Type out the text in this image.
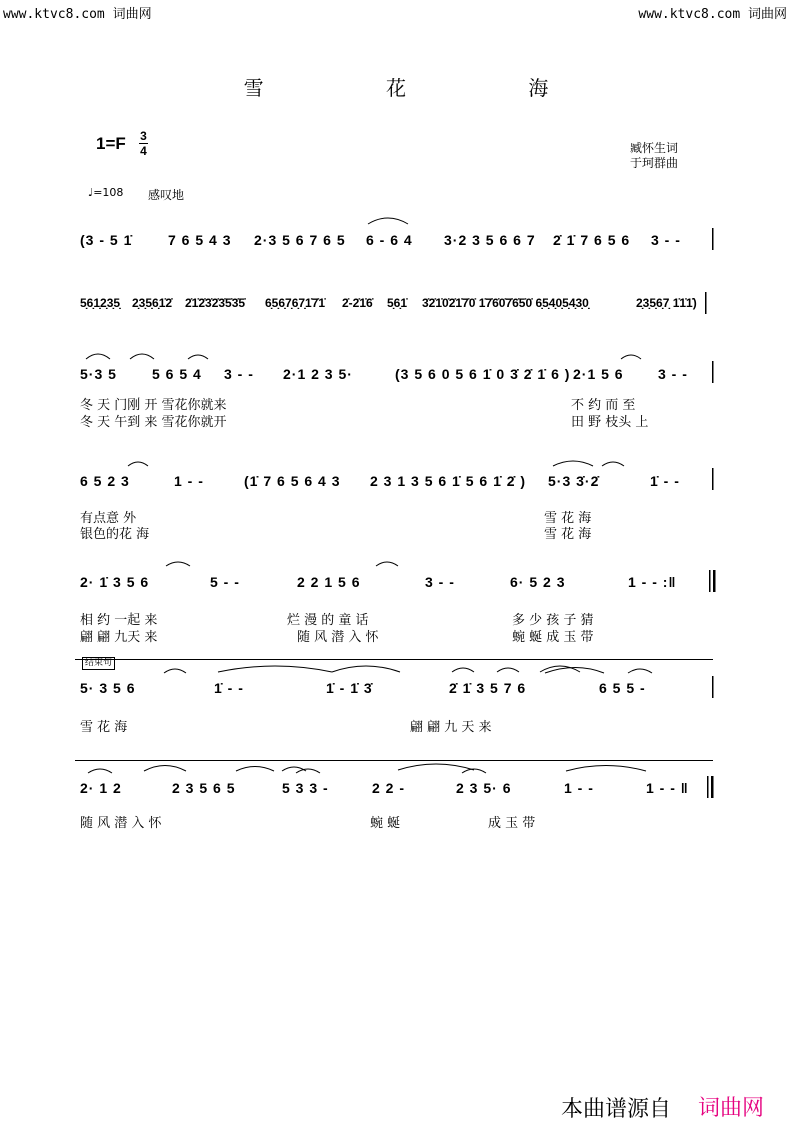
www.ktvc8.com 词曲网	www.ktvc8.com 词曲网
雪 花 海
1=F 3
4	臧怀生词
于珂群曲
♩=108 感叹地
(3 - 5 1̇	7 6 5 4 3 2·3 5 6 7 6 5 6 - 6 4 3·2 3 5 6 6 7 2̇ 1̇ 7 6 5 6 3 - -
5̣6̣1̣2̣3̣5̣ 2̣3̣5̣6̣1̇2̇ 2̇1̇2̇3̇2̇3̇5̇3̇5̇ 6̣5̣6̣7̣6̣7̣1̇7̇1̇ 2̇-2̇1̇6̇ 5̣6̣1̇ 3̇2̇1̇0̇2̇1̇7̇0̇ 1̇7̇6̇0̇7̇6̇5̇0̇ 6̣5̣4̣0̣5̣4̣3̣0̣	2̣3̣5̣6̣7̣ 1̇1̇1̇)
5·3 5	5 6 5 4 3 - - 2·1 2 3 5·	(3 5 6 0 5 6 1̇ 0 3̇ 2̇ 1̇ 6 ) 2·1 5 6 3 - -
冬 天 门刚 开 雪花你就来	不 约 而 至
冬 天 午到 来 雪花你就开	田 野 枝头 上
6 5 2 3	1 - -	(1̇ 7 6 5 6 4 3 2 3 1 3 5 6 1̇ 5 6 1̇ 2̇ ) 5·3 3̇·2̇	1̇ - -
有点意 外	雪 花 海
银色的花 海	雪 花 海
2· 1̇ 3 5 6	5 - -	2 2 1 5 6	3 - -	6· 5 2 3	1 - - :‖
相 约 一起 来	烂 漫 的 童 话	多 少 孩 子 猜
翩 翩 九天 来	随 风 潜 入 怀	蜿 蜒 成 玉 带
结束句
5· 3 5 6	1̇ - -	1̇ - 1̇ 3̇	2̇ 1̇ 3 5 7 6	6 5 5 -
雪 花 海	翩 翩 九 天 来
2· 1 2	2 3 5 6 5	5 3 3 -	2 2 -	2 3 5· 6	1 - -	1 - - ‖
随 风 潜 入 怀	蜿 蜒	成 玉 带
本曲谱源自 词曲网
